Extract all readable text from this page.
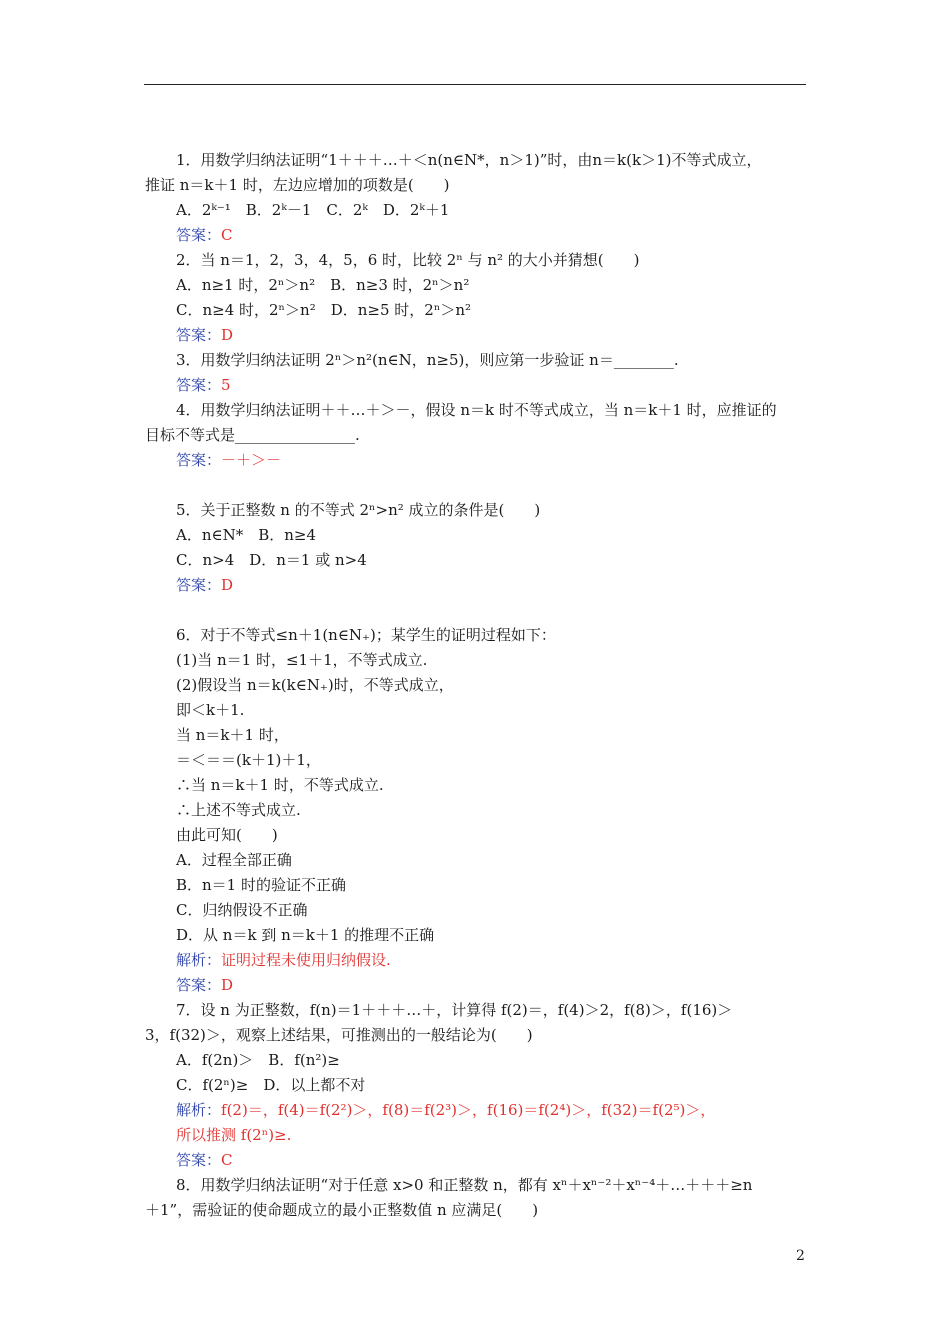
1．用数学归纳法证明“1＋＋＋…＋＜n(n∈N*，n＞1)”时，由n＝k(k＞1)不等式成立，
推证 n＝k＋1 时，左边应增加的项数是(　　)
A．2ᵏ⁻¹　B．2ᵏ－1　C．2ᵏ　D．2ᵏ＋1
答案：C
2．当 n＝1，2，3，4，5，6 时，比较 2ⁿ 与 n² 的大小并猜想(　　)
A．n≥1 时，2ⁿ＞n²　B．n≥3 时，2ⁿ＞n²
C．n≥4 时，2ⁿ＞n²　D．n≥5 时，2ⁿ＞n²
答案：D
3．用数学归纳法证明 2ⁿ＞n²(n∈N，n≥5)，则应第一步验证 n＝________.
答案：5
4．用数学归纳法证明＋＋…＋＞－，假设 n＝k 时不等式成立，当 n＝k＋1 时，应推证的
目标不等式是________________.
答案：－＋＞－
5．关于正整数 n 的不等式 2ⁿ>n² 成立的条件是(　　)
A．n∈N*　B．n≥4
C．n>4　D．n＝1 或 n>4
答案：D
6．对于不等式≤n＋1(n∈N₊)；某学生的证明过程如下：
(1)当 n＝1 时，≤1＋1，不等式成立.
(2)假设当 n＝k(k∈N₊)时，不等式成立，
即＜k＋1.
当 n＝k＋1 时，
＝＜＝＝(k＋1)＋1，
∴当 n＝k＋1 时，不等式成立.
∴上述不等式成立.
由此可知(　　)
A．过程全部正确
B．n＝1 时的验证不正确
C．归纳假设不正确
D．从 n＝k 到 n＝k＋1 的推理不正确
解析：证明过程未使用归纳假设.
答案：D
7．设 n 为正整数，f(n)＝1＋＋＋…＋，计算得 f(2)＝，f(4)＞2，f(8)＞，f(16)＞
3，f(32)＞，观察上述结果，可推测出的一般结论为(　　)
A．f(2n)＞　B．f(n²)≥
C．f(2ⁿ)≥　D．以上都不对
解析：f(2)＝，f(4)＝f(2²)＞，f(8)＝f(2³)＞，f(16)＝f(2⁴)＞，f(32)＝f(2⁵)＞，
所以推测 f(2ⁿ)≥.
答案：C
8．用数学归纳法证明“对于任意 x>0 和正整数 n，都有 xⁿ＋xⁿ⁻²＋xⁿ⁻⁴＋…＋＋＋≥n
＋1”，需验证的使命题成立的最小正整数值 n 应满足(　　)
2
